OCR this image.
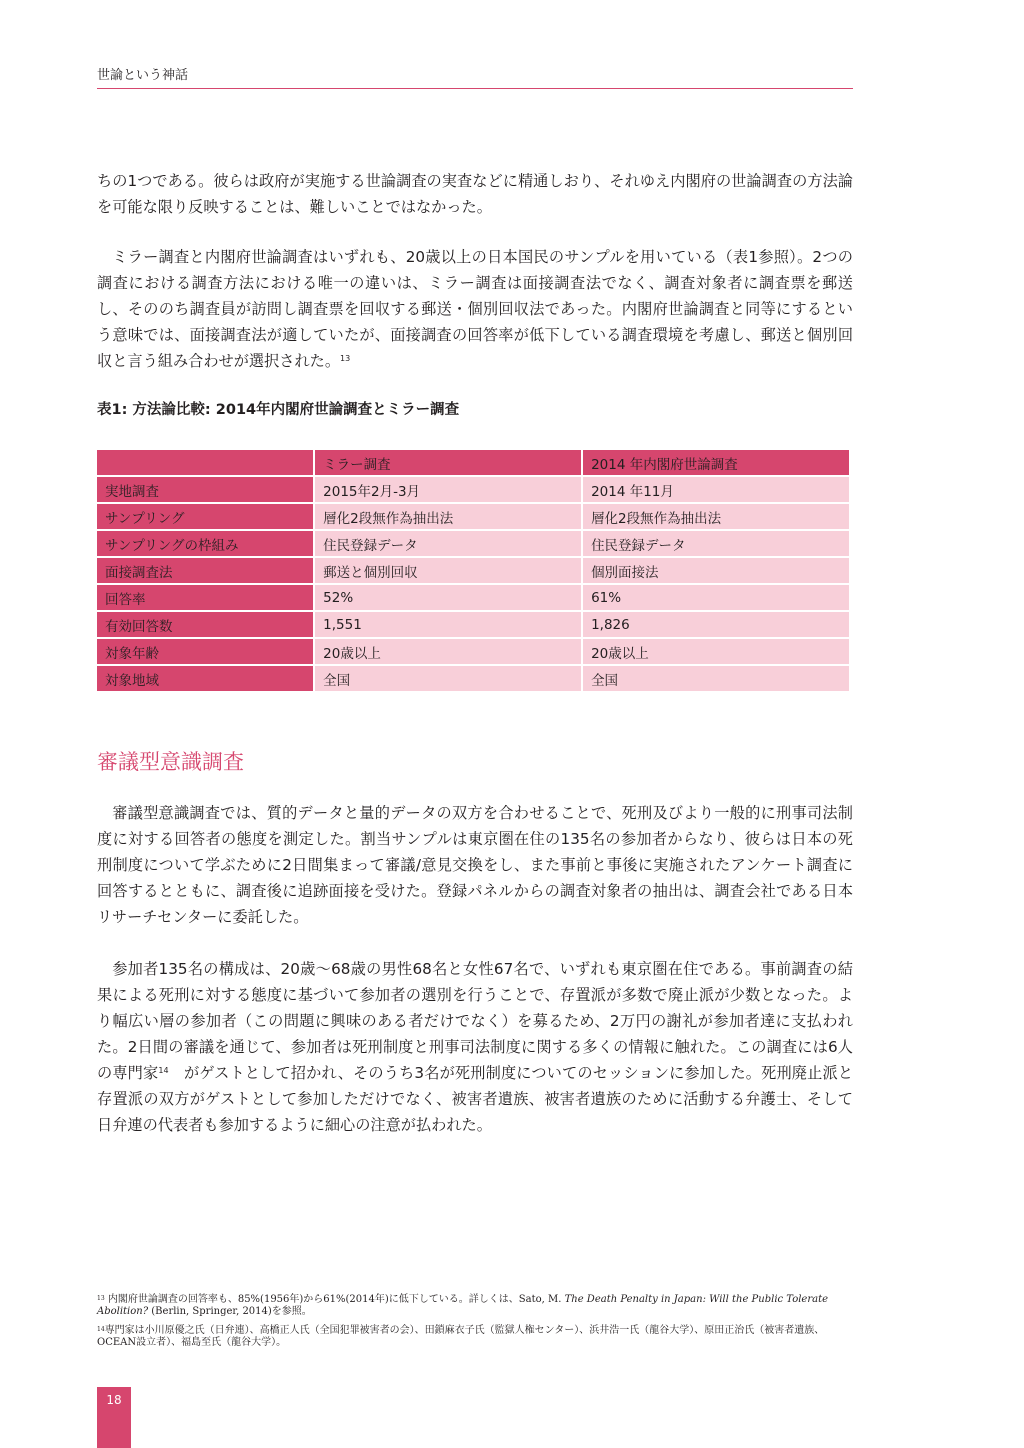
世論という神話

ちの1つである。彼らは政府が実施する世論調査の実査などに精通しおり、それゆえ内閣府の世論調査の方法論を可能な限り反映することは、難しいことではなかった。

ミラー調査と内閣府世論調査はいずれも、20歳以上の日本国民のサンプルを用いている（表1参照）。2つの調査における調査方法における唯一の違いは、ミラー調査は面接調査法でなく、調査対象者に調査票を郵送し、そののち調査員が訪問し調査票を回収する郵送・個別回収法であった。内閣府世論調査と同等にするという意味では、面接調査法が適していたが、面接調査の回答率が低下している調査環境を考慮し、郵送と個別回収と言う組み合わせが選択された。$^{13}$

表1: 方法論比較: 2014年内閣府世論調査とミラー調査
	ミラー調査	2014 年内閣府世論調査
実地調査	2015年2月-3月	2014 年11月
サンプリング	層化2段無作為抽出法	層化2段無作為抽出法
サンプリングの枠組み	住民登録データ	住民登録データ
面接調査法	郵送と個別回収	個別面接法
回答率	52%	61%
有効回答数	1,551	1,826
対象年齢	20歳以上	20歳以上
対象地域	全国	全国
審議型意識調査

審議型意識調査では、質的データと量的データの双方を合わせることで、死刑及びより一般的に刑事司法制度に対する回答者の態度を測定した。割当サンプルは東京圏在住の135名の参加者からなり、彼らは日本の死刑制度について学ぶために2日間集まって審議/意見交換をし、また事前と事後に実施されたアンケート調査に回答するとともに、調査後に追跡面接を受けた。登録パネルからの調査対象者の抽出は、調査会社である日本リサーチセンターに委託した。

参加者135名の構成は、20歳～68歳の男性68名と女性67名で、いずれも東京圏在住である。事前調査の結果による死刑に対する態度に基づいて参加者の選別を行うことで、存置派が多数で廃止派が少数となった。より幅広い層の参加者（この問題に興味のある者だけでなく）を募るため、2万円の謝礼が参加者達に支払われた。2日間の審議を通じて、参加者は死刑制度と刑事司法制度に関する多くの情報に触れた。この調査には6人の専門家$^{14}$　がゲストとして招かれ、そのうち3名が死刑制度についてのセッションに参加した。死刑廃止派と存置派の双方がゲストとして参加しただけでなく、被害者遺族、被害者遺族のために活動する弁護士、そして日弁連の代表者も参加するように細心の注意が払われた。

$^{13}$ 内閣府世論調査の回答率も、85%(1956年)から61%(2014年)に低下している。詳しくは、Sato, M. The Death Penalty in Japan: Will the Public Tolerate Abolition? (Berlin, Springer, 2014)を参照。

$^{14}$専門家は小川原優之氏（日弁連）、高橋正人氏（全国犯罪被害者の会）、田鎖麻衣子氏（監獄人権センター）、浜井浩一氏（龍谷大学）、原田正治氏（被害者遺族、OCEAN設立者）、福島至氏（龍谷大学）。

18
